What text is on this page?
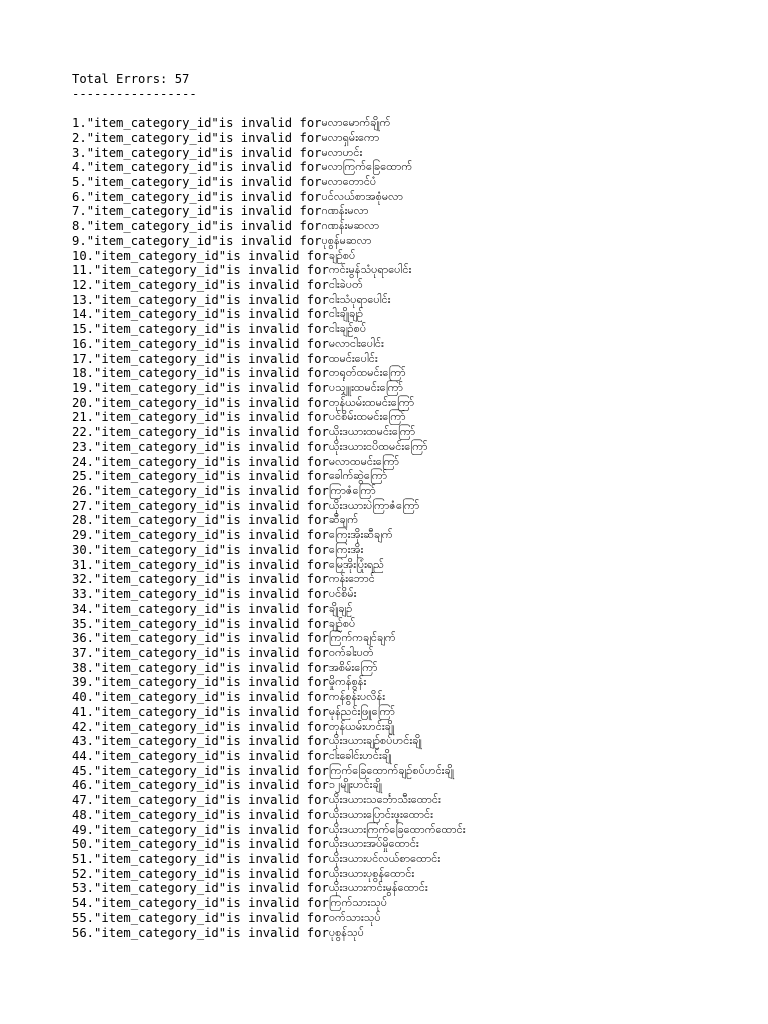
Total Errors: 57
-----------------
1. "item_category_id" is invalid for မလာမောက်ချိုက်
2. "item_category_id" is invalid for မလာရှမ်းကော
3. "item_category_id" is invalid for မလာဟင်း
4. "item_category_id" is invalid for မလာကြက်ခြေထောက်
5. "item_category_id" is invalid for မလာတောင်ပံ
6. "item_category_id" is invalid for ပင်လယ်စာအစုံမလာ
7. "item_category_id" is invalid for ဂဏန်းမလာ
8. "item_category_id" is invalid for ဂဏန်းမဆလာ
9. "item_category_id" is invalid for ပုစွန်မဆလာ
10. "item_category_id" is invalid for ချဉ်စပ်
11. "item_category_id" is invalid for ကင်းမွန်သံပုရာပေါင်း
12. "item_category_id" is invalid for ငါးခဲပတ်
13. "item_category_id" is invalid for ငါးသံပုရာပေါင်း
14. "item_category_id" is invalid for ငါးချိုချဉ်
15. "item_category_id" is invalid for ငါးချဉ်စပ်
16. "item_category_id" is invalid for မလာငါးပေါင်း
17. "item_category_id" is invalid for ထမင်းပေါင်း
18. "item_category_id" is invalid for တရုတ်ထမင်းကြော်
19. "item_category_id" is invalid for ပသျှူးထမင်းကြော်
20. "item_category_id" is invalid for တုန်ယမ်းထမင်းကြော်
21. "item_category_id" is invalid for ပင်စိမ်းထမင်းကြော်
22. "item_category_id" is invalid for ယိုးဒယားထမင်းကြော်
23. "item_category_id" is invalid for ယိုးဒယားငပိထမင်းကြော်
24. "item_category_id" is invalid for မလာထမင်းကြော်
25. "item_category_id" is invalid for ခေါက်ဆွဲကြော်
26. "item_category_id" is invalid for ကြာဇံကြော်
27. "item_category_id" is invalid for ယိုးဒယားပဲကြာဇံကြော်
28. "item_category_id" is invalid for ဆီချက်
29. "item_category_id" is invalid for ကြေးအိုးဆီချက်
30. "item_category_id" is invalid for ကြေးအိုး
31. "item_category_id" is invalid for မြေအိုးပြုံးရည်
32. "item_category_id" is invalid for ကန်းဘောင်
33. "item_category_id" is invalid for ပင်စိမ်း
34. "item_category_id" is invalid for ချိုချဉ်
35. "item_category_id" is invalid for ချဉ်စပ်
36. "item_category_id" is invalid for ကြက်ကချင်ချက်
37. "item_category_id" is invalid for ဝက်ခါးပတ်
38. "item_category_id" is invalid for အစိမ်းကြော်
39. "item_category_id" is invalid for မှိုကန်စွန်း
40. "item_category_id" is invalid for ကန်စွန်းပလိန်း
41. "item_category_id" is invalid for မုန်ညင်းဖြူကြော်
42. "item_category_id" is invalid for တုန်ယမ်းဟင်းချို
43. "item_category_id" is invalid for ယိုးဒယားချဉ်စပ်ဟင်းချို
44. "item_category_id" is invalid for ငါးခေါင်းဟင်းချို
45. "item_category_id" is invalid for ကြက်ခြေထောက်ချဉ်စပ်ဟင်းချို
46. "item_category_id" is invalid for ၁၂မျိုးဟင်းချို
47. "item_category_id" is invalid for ယိုးဒယားသင်္ဘောသီးထောင်း
48. "item_category_id" is invalid for ယိုးဒယားပြောင်းဖူးထောင်း
49. "item_category_id" is invalid for ယိုးဒယားကြက်ခြေထောက်ထောင်း
50. "item_category_id" is invalid for ယိုးဒယားအပ်မှိုထောင်း
51. "item_category_id" is invalid for ယိုးဒယားပင်လယ်စာထောင်း
52. "item_category_id" is invalid for ယိုးဒယားပုစွန်ထောင်း
53. "item_category_id" is invalid for ယိုးဒယားကင်းမွန်ထောင်း
54. "item_category_id" is invalid for ကြက်သားသုပ်
55. "item_category_id" is invalid for ဝက်သားသုပ်
56. "item_category_id" is invalid for ပုစွန်သုပ်
